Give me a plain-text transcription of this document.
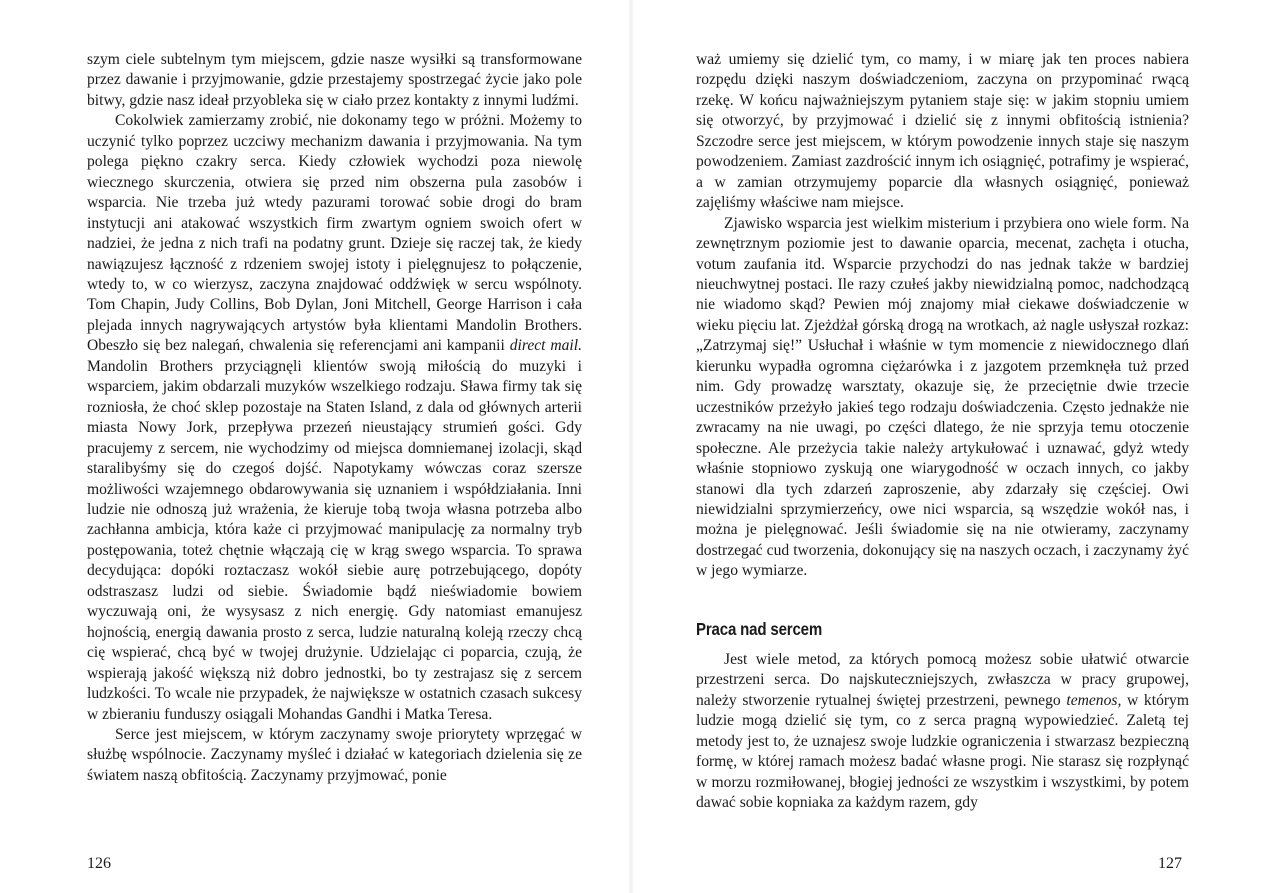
szym ciele subtelnym tym miejscem, gdzie nasze wysiłki są transformowane przez dawanie i przyjmowanie, gdzie przestajemy spostrzegać życie jako pole bitwy, gdzie nasz ideał przyobleka się w ciało przez kontakty z innymi ludźmi.

Cokolwiek zamierzamy zrobić, nie dokonamy tego w próżni. Możemy to uczynić tylko poprzez uczciwy mechanizm dawania i przyjmowania. Na tym polega piękno czakry serca. Kiedy człowiek wychodzi poza niewolę wiecznego skurczenia, otwiera się przed nim obszerna pula zasobów i wsparcia. Nie trzeba już wtedy pazurami torować sobie drogi do bram instytucji ani atakować wszystkich firm zwartym ogniem swoich ofert w nadziei, że jedna z nich trafi na podatny grunt. Dzieje się raczej tak, że kiedy nawiązujesz łączność z rdzeniem swojej istoty i pielęgnujesz to połączenie, wtedy to, w co wierzysz, zaczyna znajdować oddźwięk w sercu wspólnoty. Tom Chapin, Judy Collins, Bob Dylan, Joni Mitchell, George Harrison i cała plejada innych nagrywających artystów była klientami Mandolin Brothers. Obeszło się bez nalegań, chwalenia się referencjami ani kampanii direct mail. Mandolin Brothers przyciągnęli klientów swoją miłością do muzyki i wsparciem, jakim obdarzali muzyków wszelkiego rodzaju. Sława firmy tak się rozniosła, że choć sklep pozostaje na Staten Island, z dala od głównych arterii miasta Nowy Jork, przepływa przezeń nieustający strumień gości. Gdy pracujemy z sercem, nie wychodzimy od miejsca domniemanej izolacji, skąd staralibyśmy się do czegoś dojść. Napotykamy wówczas coraz szersze możliwości wzajemnego obdarowywania się uznaniem i współdziałania. Inni ludzie nie odnoszą już wrażenia, że kieruje tobą twoja własna potrzeba albo zachłanna ambicja, która każe ci przyjmować manipulację za normalny tryb postępowania, toteż chętnie włączają cię w krąg swego wsparcia. To sprawa decydująca: dopóki roztaczasz wokół siebie aurę potrzebującego, dopóty odstraszasz ludzi od siebie. Świadomie bądź nieświadomie bowiem wyczuwają oni, że wysysasz z nich energię. Gdy natomiast emanujesz hojnością, energią dawania prosto z serca, ludzie naturalną koleją rzeczy chcą cię wspierać, chcą być w twojej drużynie. Udzielając ci poparcia, czują, że wspierają jakość większą niż dobro jednostki, bo ty zestrajasz się z sercem ludzkości. To wcale nie przypadek, że największe w ostatnich czasach sukcesy w zbieraniu funduszy osiągali Mohandas Gandhi i Matka Teresa.

Serce jest miejscem, w którym zaczynamy swoje priorytety wprzęgać w służbę wspólnocie. Zaczynamy myśleć i działać w kategoriach dzielenia się ze światem naszą obfitością. Zaczynamy przyjmować, ponie

126

waż umiemy się dzielić tym, co mamy, i w miarę jak ten proces nabiera rozpędu dzięki naszym doświadczeniom, zaczyna on przypominać rwącą rzekę. W końcu najważniejszym pytaniem staje się: w jakim stopniu umiem się otworzyć, by przyjmować i dzielić się z innymi obfitością istnienia? Szczodre serce jest miejscem, w którym powodzenie innych staje się naszym powodzeniem. Zamiast zazdrościć innym ich osiągnięć, potrafimy je wspierać, a w zamian otrzymujemy poparcie dla własnych osiągnięć, ponieważ zajęliśmy właściwe nam miejsce.

Zjawisko wsparcia jest wielkim misterium i przybiera ono wiele form. Na zewnętrznym poziomie jest to dawanie oparcia, mecenat, zachęta i otucha, votum zaufania itd. Wsparcie przychodzi do nas jednak także w bardziej nieuchwytnej postaci. Ile razy czułeś jakby niewidzialną pomoc, nadchodzącą nie wiadomo skąd? Pewien mój znajomy miał ciekawe doświadczenie w wieku pięciu lat. Zjeżdżał górską drogą na wrotkach, aż nagle usłyszał rozkaz: „Zatrzymaj się!” Usłuchał i właśnie w tym momencie z niewidocznego dlań kierunku wypadła ogromna ciężarówka i z jazgotem przemknęła tuż przed nim. Gdy prowadzę warsztaty, okazuje się, że przeciętnie dwie trzecie uczestników przeżyło jakieś tego rodzaju doświadczenia. Często jednakże nie zwracamy na nie uwagi, po części dlatego, że nie sprzyja temu otoczenie społeczne. Ale przeżycia takie należy artykułować i uznawać, gdyż wtedy właśnie stopniowo zyskują one wiarygodność w oczach innych, co jakby stanowi dla tych zdarzeń zaproszenie, aby zdarzały się częściej. Owi niewidzialni sprzymierzeńcy, owe nici wsparcia, są wszędzie wokół nas, i można je pielęgnować. Jeśli świadomie się na nie otwieramy, zaczynamy dostrzegać cud tworzenia, dokonujący się na naszych oczach, i zaczynamy żyć w jego wymiarze.

Praca nad sercem

Jest wiele metod, za których pomocą możesz sobie ułatwić otwarcie przestrzeni serca. Do najskuteczniejszych, zwłaszcza w pracy grupowej, należy stworzenie rytualnej świętej przestrzeni, pewnego temenos, w którym ludzie mogą dzielić się tym, co z serca pragną wypowiedzieć. Zaletą tej metody jest to, że uznajesz swoje ludzkie ograniczenia i stwarzasz bezpieczną formę, w której ramach możesz badać własne progi. Nie starasz się rozpłynąć w morzu rozmiłowanej, błogiej jedności ze wszystkim i wszystkimi, by potem dawać sobie kopniaka za każdym razem, gdy

127
